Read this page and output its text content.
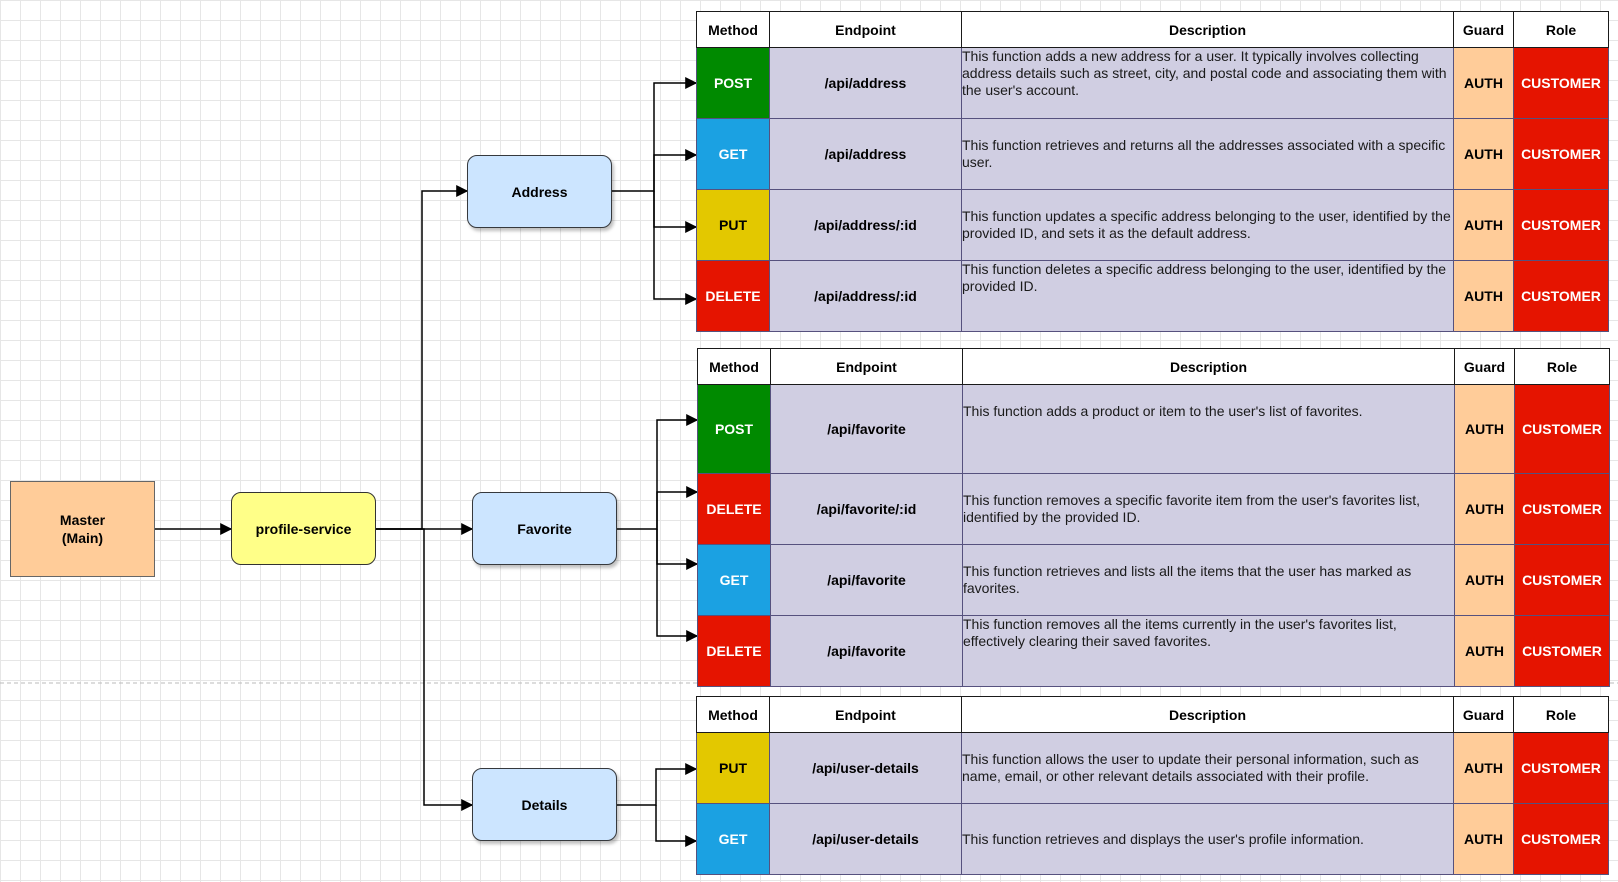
Master
(Main)
profile-service
Address
Favorite
Details
Method	Endpoint	Description	Guard	Role
POST	/api/address	This function adds a new address for a user. It typically involves collecting address details such as street, city, and postal code and associating them with the user's account.	AUTH	CUSTOMER
GET	/api/address	This function retrieves and returns all the addresses associated with a specific user.	AUTH	CUSTOMER
PUT	/api/address/:id	This function updates a specific address belonging to the user, identified by the provided ID, and sets it as the default address.	AUTH	CUSTOMER
DELETE	/api/address/:id	This function deletes a specific address belonging to the user, identified by the provided ID.	AUTH	CUSTOMER
Method	Endpoint	Description	Guard	Role
POST	/api/favorite	This function adds a product or item to the user's list of favorites.	AUTH	CUSTOMER
DELETE	/api/favorite/:id	This function removes a specific favorite item from the user's favorites list, identified by the provided ID.	AUTH	CUSTOMER
GET	/api/favorite	This function retrieves and lists all the items that the user has marked as favorites.	AUTH	CUSTOMER
DELETE	/api/favorite	This function removes all the items currently in the user's favorites list, effectively clearing their saved favorites.	AUTH	CUSTOMER
Method	Endpoint	Description	Guard	Role
PUT	/api/user-details	This function allows the user to update their personal information, such as name, email, or other relevant details associated with their profile.	AUTH	CUSTOMER
GET	/api/user-details	This function retrieves and displays the user's profile information.	AUTH	CUSTOMER
